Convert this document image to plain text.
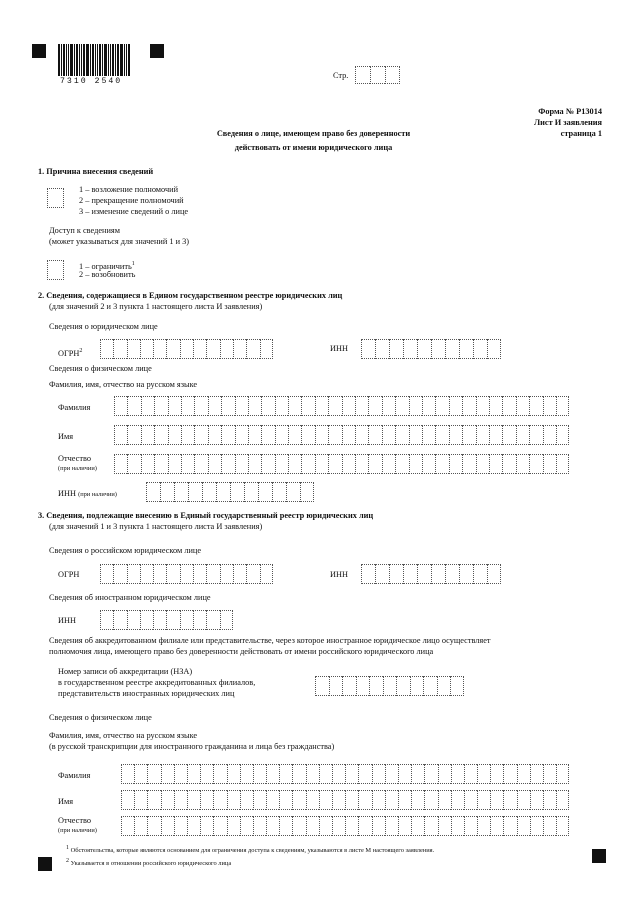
7310 2540
Стр.
Форма № Р13014
Лист И заявления
страница 1
Сведения о лице, имеющем право без доверенности
действовать от имени юридического лица
1. Причина внесения сведений
1 – возложение полномочий
2 – прекращение полномочий
3 – изменение сведений о лице
Доступ к сведениям
(может указываться для значений 1 и 3)
1 – ограничить$^1$
2 – возобновить
2. Сведения, содержащиеся в Едином государственном реестре юридических лиц
(для значений 2 и 3 пункта 1 настоящего листа И заявления)
Сведения о юридическом лице
ОГРН$^2$	ИНН
Сведения о физическом лице
Фамилия, имя, отчество на русском языке
Фамилия
Имя
Отчество
(при наличии)
ИНН (при наличии)
3. Сведения, подлежащие внесению в Единый государственный реестр юридических лиц
(для значений 1 и 3 пункта 1 настоящего листа И заявления)
Сведения о российском юридическом лице
ОГРН	ИНН
Сведения об иностранном юридическом лице
ИНН
Сведения об аккредитованном филиале или представительстве, через которое иностранное юридическое лицо осуществляет
полномочия лица, имеющего право без доверенности действовать от имени российского юридического лица
Номер записи об аккредитации (НЗА)
в государственном реестре аккредитованных филиалов,
представительств иностранных юридических лиц
Сведения о физическом лице
Фамилия, имя, отчество на русском языке
(в русской транскрипции для иностранного гражданина и лица без гражданства)
Фамилия
Имя
Отчество
(при наличии)
$^1$ Обстоятельства, которые являются основанием для ограничения доступа к сведениям, указываются в листе М настоящего заявления.
$^2$ Указывается в отношении российского юридического лица
